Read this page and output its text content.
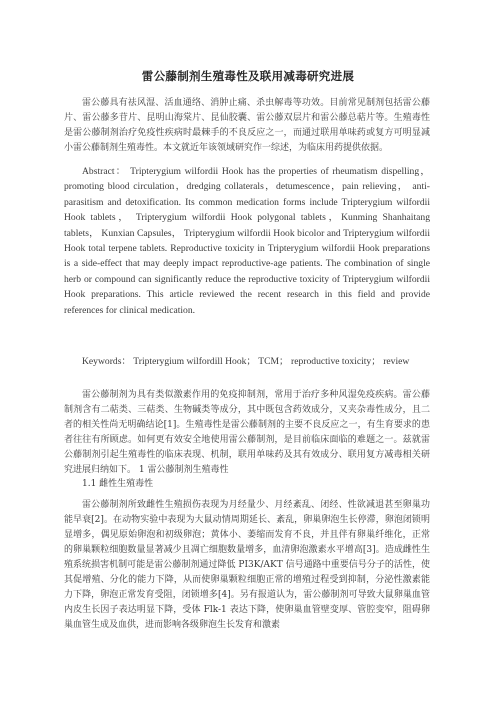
雷公藤制剂生殖毒性及联用减毒研究进展
雷公藤具有祛风湿、活血通络、消肿止痛、杀虫解毒等功效。目前常见制剂包括雷公藤片、雷公藤多苷片、昆明山海棠片、昆仙胶囊、雷公藤双层片和雷公藤总萜片等。生殖毒性是雷公藤制剂治疗免疫性疾病时最棘手的不良反应之一，而通过联用单味药或复方可明显减小雷公藤制剂生殖毒性。本文就近年该领域研究作一综述，为临床用药提供依据。
Abstract： Tripterygium wilfordii Hook has the properties of rheumatism dispelling，promoting blood circulation，dredging collaterals，detumescence，pain relieving， anti-parasitism and detoxification. Its common medication forms include Tripterygium wilfordii Hook tablets， Tripterygium wilfordii Hook polygonal tablets，Kunming Shanhaitang tablets， Kunxian Capsules， Tripterygium wilfordii Hook bicolor and Tripterygium wilfordii Hook total terpene tablets. Reproductive toxicity in Tripterygium wilfordii Hook preparations is a side-effect that may deeply impact reproductive-age patients. The combination of single herb or compound can significantly reduce the reproductive toxicity of Tripterygium wilfordii Hook preparations. This article reviewed the recent research in this field and provide references for clinical medication.
Keywords： Tripterygium wilfordill Hook； TCM； reproductive toxicity； review
雷公藤制剂为具有类似激素作用的免疫抑制剂，常用于治疗多种风湿免疫疾病。雷公藤制剂含有二萜类、三萜类、生物碱类等成分，其中既包含药效成分，又夹杂毒性成分，且二者的相关性尚无明确结论[1]。生殖毒性是雷公藤制剂的主要不良反应之一，有生育要求的患者往往有所顾虑。如何更有效安全地使用雷公藤制剂，是目前临床面临的难题之一。兹就雷公藤制剂引起生殖毒性的临床表现、机制，联用单味药及其有效成分、联用复方减毒相关研究进展归纳如下。 1 雷公藤制剂生殖毒性
1.1 雌性生殖毒性
雷公藤制剂所致雌性生殖损伤表现为月经量少、月经紊乱、闭经、性欲减退甚至卵巢功能早衰[2]。在动物实验中表现为大鼠动情周期延长、紊乱，卵巢卵泡生长停滞，卵泡闭锁明显增多，偶见原始卵泡和初级卵泡；黄体小、萎缩而发育不良，并且伴有卵巢纤维化，正常的卵巢颗粒细胞数量显著减少且凋亡细胞数量增多，血清卵泡激素水平增高[3]。造成雌性生殖系统损害机制可能是雷公藤制剂通过降低 PI3K/AKT 信号通路中重要信号分子的活性，使其促增殖、分化的能力下降，从而使卵巢颗粒细胞正常的增殖过程受到抑制，分泌性激素能力下降，卵泡正常发育受阻，闭锁增多[4]。另有报道认为，雷公藤制剂可导致大鼠卵巢血管内皮生长因子表达明显下降，受体 Flk-1 表达下降，使卵巢血管壁变厚、管腔变窄，阻碍卵巢血管生成及血供，进而影响各级卵泡生长发育和激素
